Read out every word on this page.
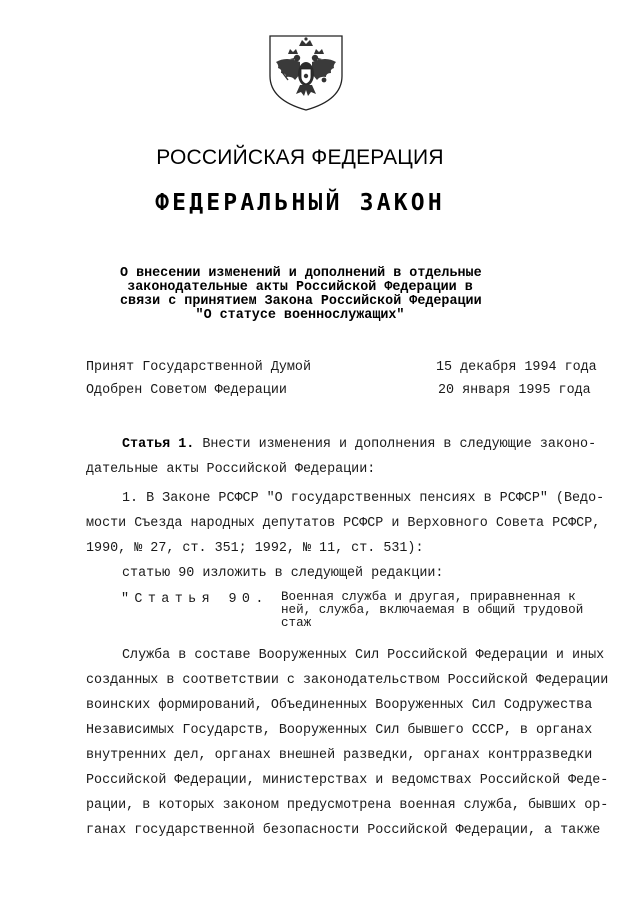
РОССИЙСКАЯ ФЕДЕРАЦИЯ
ФЕДЕРАЛЬНЫЙ ЗАКОН
О внесении изменений и дополнений в отдельные
законодательные акты Российской Федерации в
связи с принятием Закона Российской Федерации
"О статусе военнослужащих"
Принят Государственной Думой	15 декабря 1994 года
Одобрен Советом Федерации	20 января 1995 года
Статья 1. Внести изменения и дополнения в следующие законо-
дательные акты Российской Федерации:
1. В Законе РСФСР "О государственных пенсиях в РСФСР" (Ведо-
мости Съезда народных депутатов РСФСР и Верховного Совета РСФСР,
1990, № 27, ст. 351; 1992, № 11, ст. 531):
статью 90 изложить в следующей редакции:
"Статья 90. Военная служба и другая, приравненная к
ней, служба, включаемая в общий трудовой
стаж
Служба в составе Вооруженных Сил Российской Федерации и иных
созданных в соответствии с законодательством Российской Федерации
воинских формирований, Объединенных Вооруженных Сил Содружества
Независимых Государств, Вооруженных Сил бывшего СССР, в органах
внутренних дел, органах внешней разведки, органах контрразведки
Российской Федерации, министерствах и ведомствах Российской Феде-
рации, в которых законом предусмотрена военная служба, бывших ор-
ганах государственной безопасности Российской Федерации, а также
